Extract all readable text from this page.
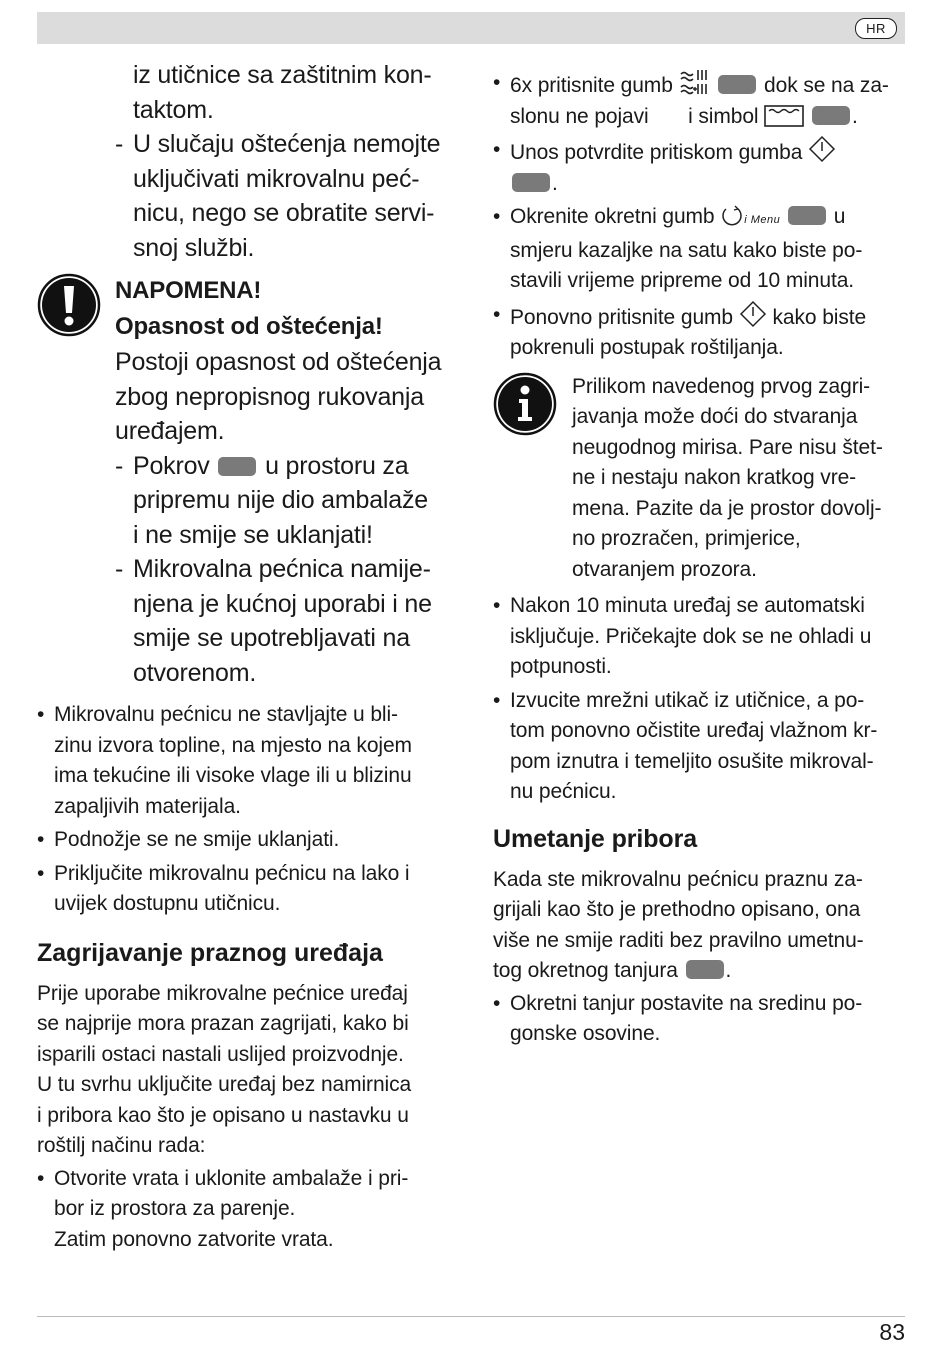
HR

iz utičnice sa zaštitnim kon-

taktom.

- U slučaju oštećenja nemojte

uključivati mikrovalnu peć-

nicu, nego se obratite servi-

snoj službi.

NAPOMENA!
Opasnost od oštećenja!

Postoji opasnost od oštećenja

zbog nepropisnog rukovanja

uređajem.

- Pokrov u prostoru za

pripremu nije dio ambalaže

i ne smije se uklanjati!

- Mikrovalna pećnica namije-

njena je kućnoj uporabi i ne

smije se upotrebljavati na

otvorenom.

• Mikrovalnu pećnicu ne stavljajte u bli-

zinu izvora topline, na mjesto na kojem

ima tekućine ili visoke vlage ili u blizinu

zapaljivih materijala.

• Podnožje se ne smije uklanjati.

• Priključite mikrovalnu pećnicu na lako i

uvijek dostupnu utičnicu.

Zagrijavanje praznog uređaja

Prije uporabe mikrovalne pećnice uređaj

se najprije mora prazan zagrijati, kako bi

isparili ostaci nastali uslijed proizvodnje.

U tu svrhu uključite uređaj bez namirnica

i pribora kao što je opisano u nastavku u

roštilj načinu rada:

• Otvorite vrata i uklonite ambalaže i pri-

bor iz prostora za parenje.

Zatim ponovno zatvorite vrata.

• 6x pritisnite gumb	dok se na za-

slonu ne pojavi i simbol	.

• Unos potvrdite pritiskom gumba

.

• Okrenite okretni gumb	i Menu	u

smjeru kazaljke na satu kako biste po-

stavili vrijeme pripreme od 10 minuta.

• Ponovno pritisnite gumb kako biste

pokrenuli postupak roštiljanja.

Prilikom navedenog prvog zagri-

javanja može doći do stvaranja

neugodnog mirisa. Pare nisu štet-

ne i nestaju nakon kratkog vre-

mena. Pazite da je prostor dovolj-

no prozračen, primjerice,

otvaranjem prozora.

• Nakon 10 minuta uređaj se automatski

isključuje. Pričekajte dok se ne ohladi u

potpunosti.

• Izvucite mrežni utikač iz utičnice, a po-

tom ponovno očistite uređaj vlažnom kr-

pom iznutra i temeljito osušite mikroval-

nu pećnicu.

Umetanje pribora

Kada ste mikrovalnu pećnicu praznu za-

grijali kao što je prethodno opisano, ona

više ne smije raditi bez pravilno umetnu-

tog okretnog tanjura .

• Okretni tanjur postavite na sredinu po-

gonske osovine.

83
